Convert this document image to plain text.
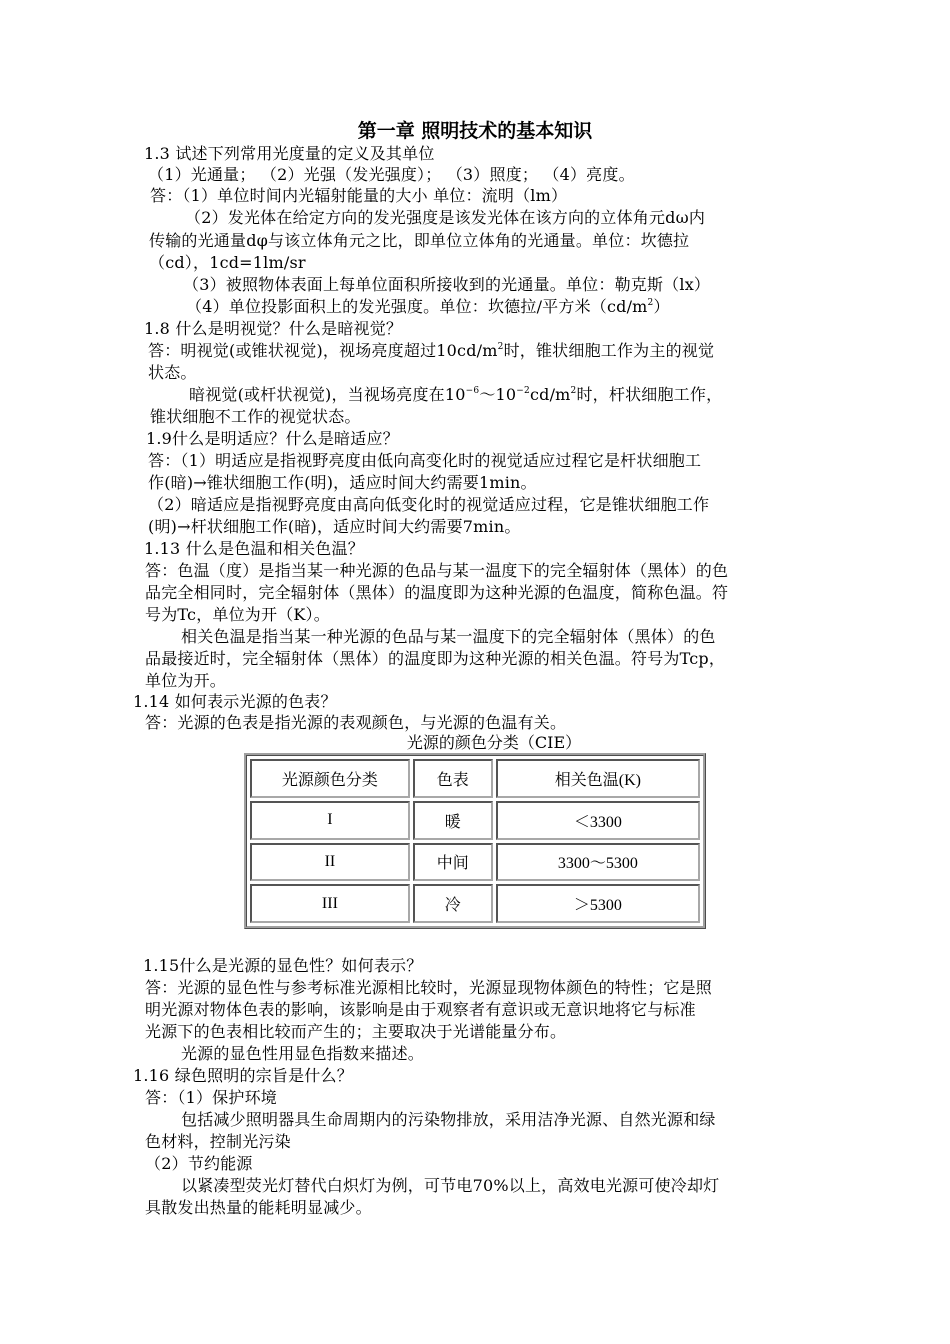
第一章 照明技术的基本知识
1.3 试述下列常用光度量的定义及其单位
（1）光通量； （2）光强（发光强度）； （3）照度； （4）亮度。
答：（1）单位时间内光辐射能量的大小 单位：流明（lm）
（2）发光体在给定方向的发光强度是该发光体在该方向的立体角元dω内
传输的光通量dφ与该立体角元之比，即单位立体角的光通量。单位：坎德拉
（cd），1cd=1lm/sr
（3）被照物体表面上每单位面积所接收到的光通量。单位：勒克斯（lx）
（4）单位投影面积上的发光强度。单位：坎德拉/平方米$(cd/m^2)$
1.8 什么是明视觉？什么是暗视觉？
答：明视觉(或锥状视觉)，视场亮度超过$10cd/m^2$时，锥状细胞工作为主的视觉
状态。
暗视觉(或杆状视觉)，当视场亮度在$10^{-6}\sim 10^{-2}cd/m^2$时，杆状细胞工作，
锥状细胞不工作的视觉状态。
1.9什么是明适应？什么是暗适应？
答：（1）明适应是指视野亮度由低向高变化时的视觉适应过程它是杆状细胞工
作(暗)→锥状细胞工作(明)，适应时间大约需要1min。
（2）暗适应是指视野亮度由高向低变化时的视觉适应过程，它是锥状细胞工作
(明)→杆状细胞工作(暗)，适应时间大约需要7min。
1.13 什么是色温和相关色温？
答：色温（度）是指当某一种光源的色品与某一温度下的完全辐射体（黑体）的色
品完全相同时，完全辐射体（黑体）的温度即为这种光源的色温度，简称色温。符
号为Tc，单位为开（K）。
相关色温是指当某一种光源的色品与某一温度下的完全辐射体（黑体）的色
品最接近时，完全辐射体（黑体）的温度即为这种光源的相关色温。符号为Tcp，
单位为开。
1.14 如何表示光源的色表？
答：光源的色表是指光源的表观颜色，与光源的色温有关。
光源的颜色分类（CIE）
光源颜色分类	色表	相关色温(K)
I	暖	＜3300
II	中间	3300～5300
III	冷	＞5300
1.15什么是光源的显色性？如何表示？
答：光源的显色性与参考标准光源相比较时，光源显现物体颜色的特性；它是照
明光源对物体色表的影响，该影响是由于观察者有意识或无意识地将它与标准
光源下的色表相比较而产生的；主要取决于光谱能量分布。
光源的显色性用显色指数来描述。
1.16 绿色照明的宗旨是什么？
答：（1）保护环境
包括减少照明器具生命周期内的污染物排放，采用洁净光源、自然光源和绿
色材料，控制光污染
（2）节约能源
以紧凑型荧光灯替代白炽灯为例，可节电70%以上，高效电光源可使冷却灯
具散发出热量的能耗明显减少。
